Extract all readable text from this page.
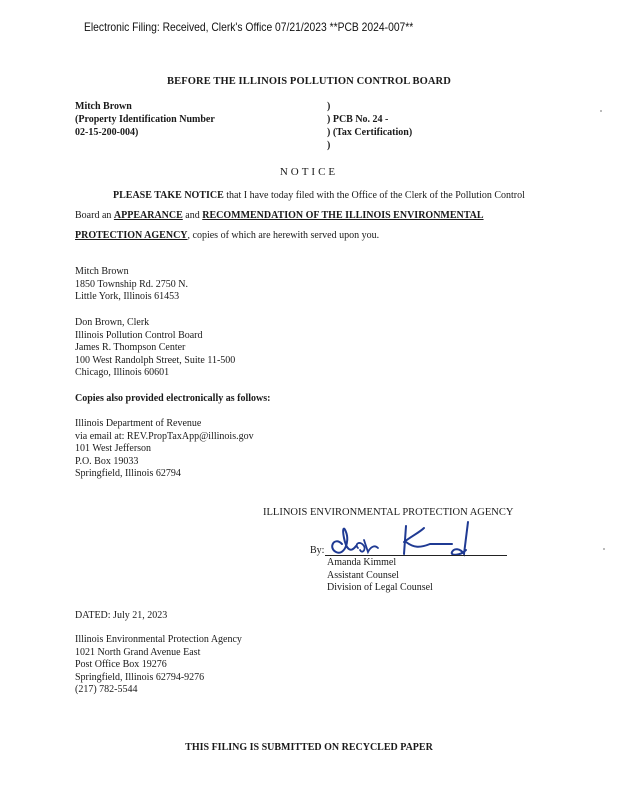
Electronic Filing: Received, Clerk's Office 07/21/2023 **PCB 2024-007**
BEFORE THE ILLINOIS POLLUTION CONTROL BOARD
Mitch Brown
(Property Identification Number
02-15-200-004)
)
) PCB No. 24 -
) (Tax Certification)
)
NOTICE
PLEASE TAKE NOTICE that I have today filed with the Office of the Clerk of the Pollution Control Board an APPEARANCE and RECOMMENDATION OF THE ILLINOIS ENVIRONMENTAL PROTECTION AGENCY, copies of which are herewith served upon you.
Mitch Brown
1850 Township Rd. 2750 N.
Little York, Illinois 61453
Don Brown, Clerk
Illinois Pollution Control Board
James R. Thompson Center
100 West Randolph Street, Suite 11-500
Chicago, Illinois 60601
Copies also provided electronically as follows:
Illinois Department of Revenue
via email at: REV.PropTaxApp@illinois.gov
101 West Jefferson
P.O. Box 19033
Springfield, Illinois 62794
ILLINOIS ENVIRONMENTAL PROTECTION AGENCY
By:
Amanda Kimmel
Assistant Counsel
Division of Legal Counsel
DATED: July 21, 2023
Illinois Environmental Protection Agency
1021 North Grand Avenue East
Post Office Box 19276
Springfield, Illinois 62794-9276
(217) 782-5544
THIS FILING IS SUBMITTED ON RECYCLED PAPER
